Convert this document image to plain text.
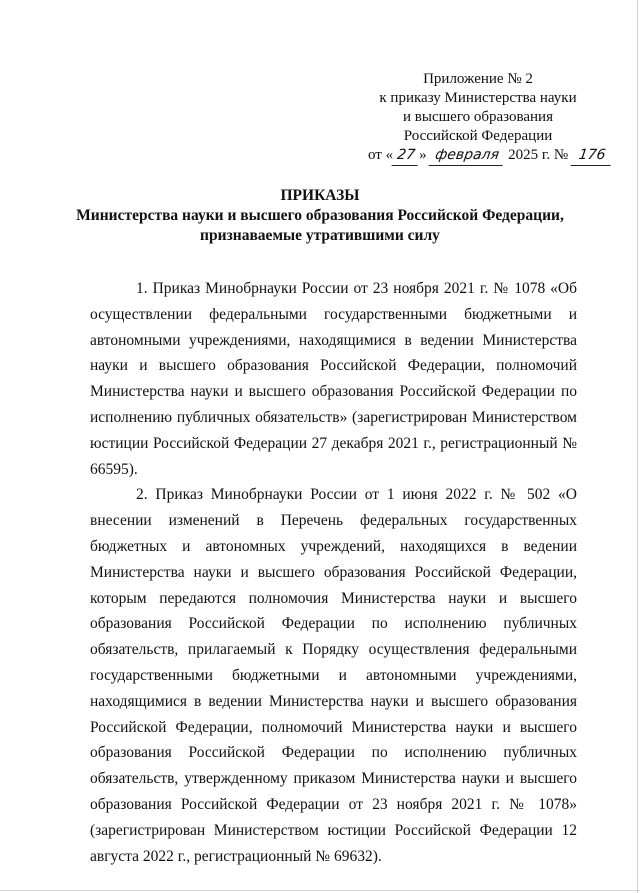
Приложение № 2
к приказу Министерства науки
и высшего образования
Российской Федерации
от « 27 » февраля 2025 г. № 176
ПРИКАЗЫ
Министерства науки и высшего образования Российской Федерации,
признаваемые утратившими силу

1. Приказ Минобрнауки России от 23 ноября 2021 г. № 1078 «Об осуществлении федеральными государственными бюджетными и автономными учреждениями, находящимися в ведении Министерства науки и высшего образования Российской Федерации, полномочий Министерства науки и высшего образования Российской Федерации по исполнению публичных обязательств» (зарегистрирован Министерством юстиции Российской Федерации 27 декабря 2021 г., регистрационный № 66595).

2. Приказ Минобрнауки России от 1 июня 2022 г. № 502 «О внесении изменений в Перечень федеральных государственных бюджетных и автономных учреждений, находящихся в ведении Министерства науки и высшего образования Российской Федерации, которым передаются полномочия Министерства науки и высшего образования Российской Федерации по исполнению публичных обязательств, прилагаемый к Порядку осуществления федеральными государственными бюджетными и автономными учреждениями, находящимися в ведении Министерства науки и высшего образования Российской Федерации, полномочий Министерства науки и высшего образования Российской Федерации по исполнению публичных обязательств, утвержденному приказом Министерства науки и высшего образования Российской Федерации от 23 ноября 2021 г. № 1078» (зарегистрирован Министерством юстиции Российской Федерации 12 августа 2022 г., регистрационный № 69632).
